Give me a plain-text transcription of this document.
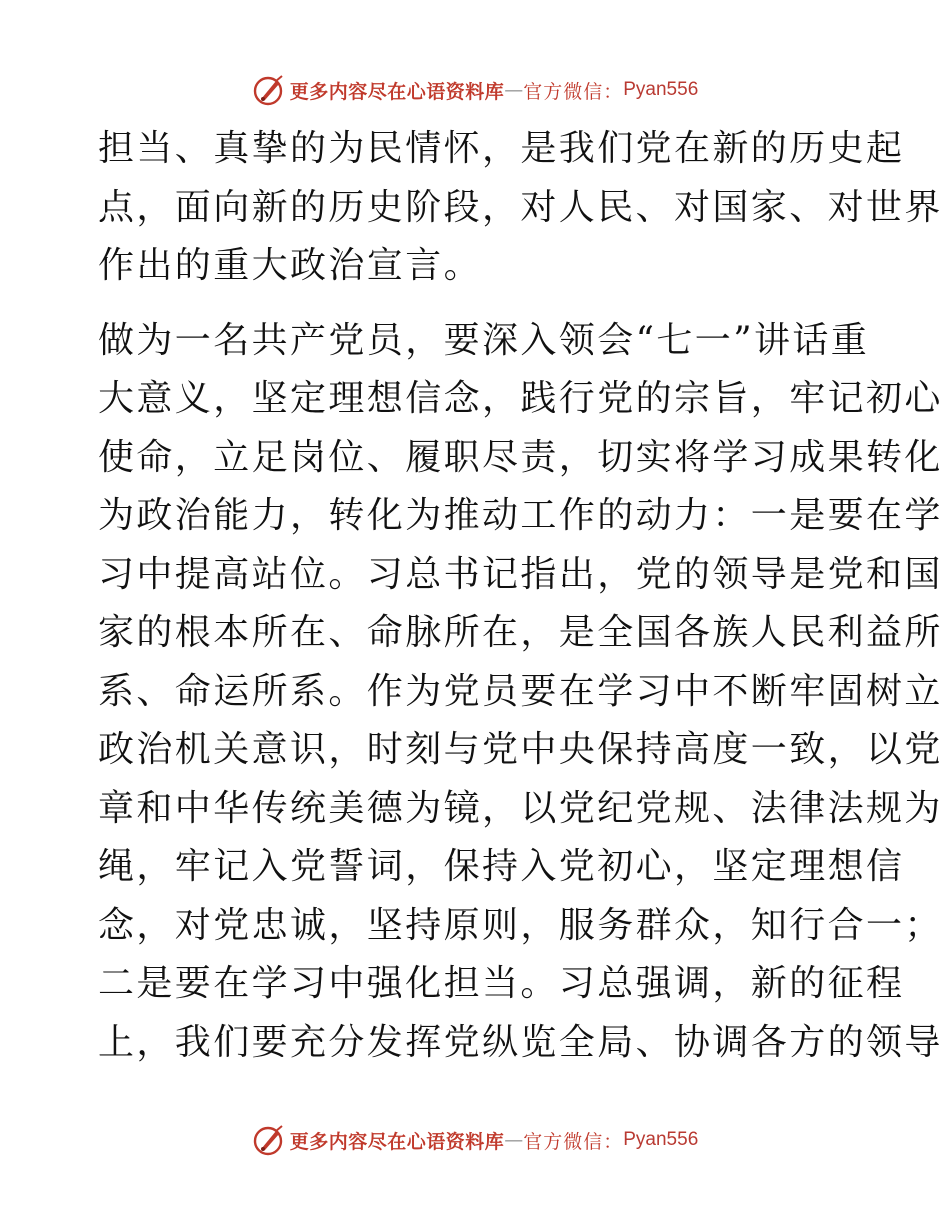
更多内容尽在心语资料库 — 官方微信： Pyan556
担当、真挚的为民情怀，是我们党在新的历史起
点，面向新的历史阶段，对人民、对国家、对世界
作出的重大政治宣言。
做为一名共产党员，要深入领会“七一”讲话重
大意义，坚定理想信念，践行党的宗旨，牢记初心
使命，立足岗位、履职尽责，切实将学习成果转化
为政治能力，转化为推动工作的动力：一是要在学
习中提高站位。习总书记指出，党的领导是党和国
家的根本所在、命脉所在，是全国各族人民利益所
系、命运所系。作为党员要在学习中不断牢固树立
政治机关意识，时刻与党中央保持高度一致，以党
章和中华传统美德为镜，以党纪党规、法律法规为
绳，牢记入党誓词，保持入党初心，坚定理想信
念，对党忠诚，坚持原则，服务群众，知行合一；
二是要在学习中强化担当。习总强调，新的征程
上，我们要充分发挥党纵览全局、协调各方的领导
更多内容尽在心语资料库 — 官方微信： Pyan556
